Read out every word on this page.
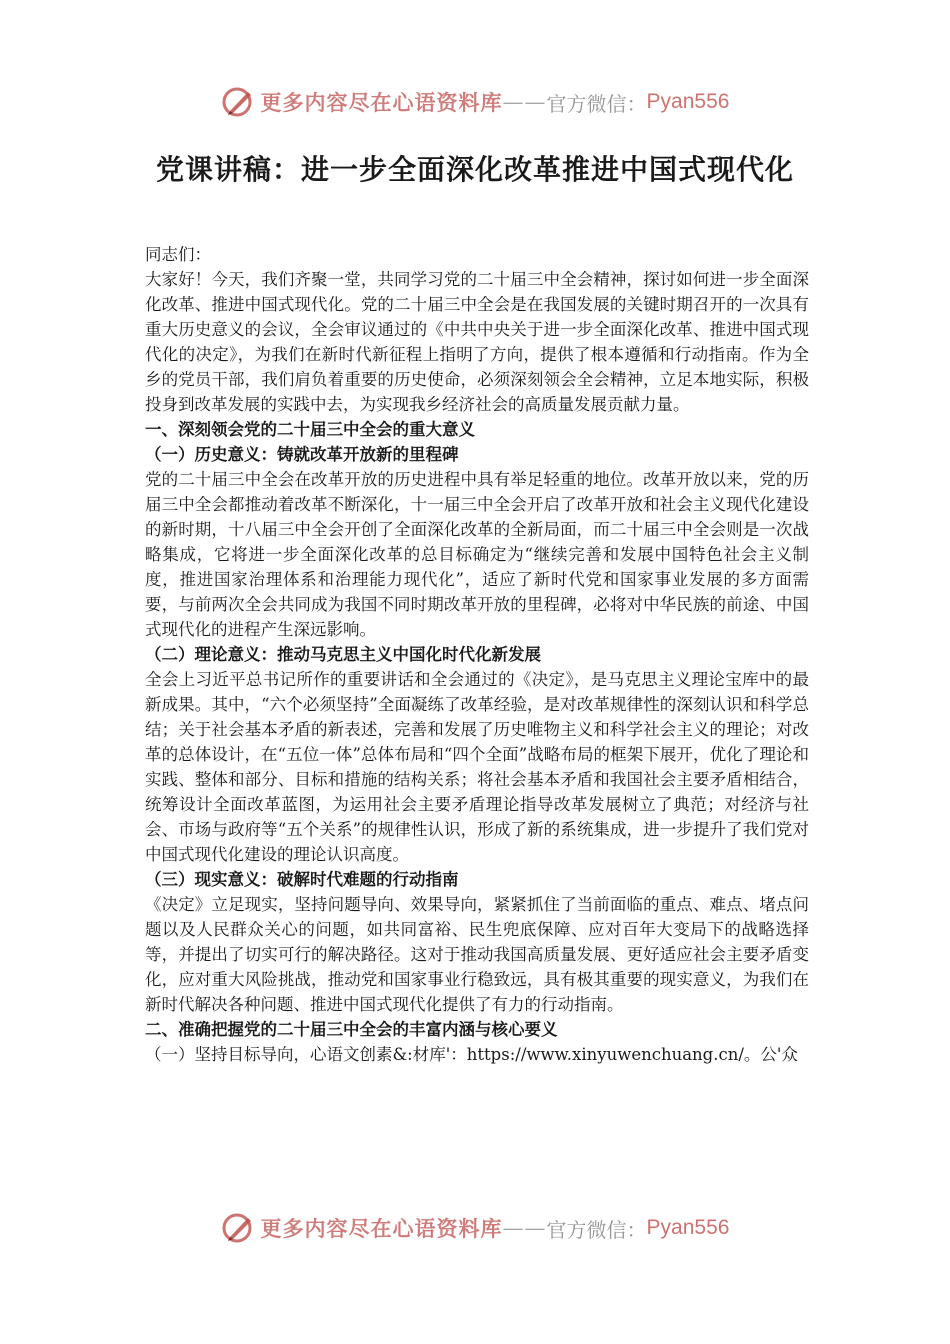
更多内容尽在心语资料库 —— 官方微信： Pyan556
党课讲稿：进一步全面深化改革推进中国式现代化

同志们：

大家好！今天，我们齐聚一堂，共同学习党的二十届三中全会精神，探讨如何进一步全面深化改革、推进中国式现代化。党的二十届三中全会是在我国发展的关键时期召开的一次具有重大历史意义的会议，全会审议通过的《中共中央关于进一步全面深化改革、推进中国式现代化的决定》，为我们在新时代新征程上指明了方向，提供了根本遵循和行动指南。作为全乡的党员干部，我们肩负着重要的历史使命，必须深刻领会全会精神，立足本地实际，积极投身到改革发展的实践中去，为实现我乡经济社会的高质量发展贡献力量。

一、深刻领会党的二十届三中全会的重大意义
（一）历史意义：铸就改革开放新的里程碑

党的二十届三中全会在改革开放的历史进程中具有举足轻重的地位。改革开放以来，党的历届三中全会都推动着改革不断深化，十一届三中全会开启了改革开放和社会主义现代化建设的新时期，十八届三中全会开创了全面深化改革的全新局面，而二十届三中全会则是一次战略集成，它将进一步全面深化改革的总目标确定为“继续完善和发展中国特色社会主义制度，推进国家治理体系和治理能力现代化”，适应了新时代党和国家事业发展的多方面需要，与前两次全会共同成为我国不同时期改革开放的里程碑，必将对中华民族的前途、中国式现代化的进程产生深远影响。

（二）理论意义：推动马克思主义中国化时代化新发展

全会上习近平总书记所作的重要讲话和全会通过的《决定》，是马克思主义理论宝库中的最新成果。其中，“六个必须坚持”全面凝练了改革经验，是对改革规律性的深刻认识和科学总结；关于社会基本矛盾的新表述，完善和发展了历史唯物主义和科学社会主义的理论；对改革的总体设计，在“五位一体”总体布局和“四个全面”战略布局的框架下展开，优化了理论和实践、整体和部分、目标和措施的结构关系；将社会基本矛盾和我国社会主要矛盾相结合，统筹设计全面改革蓝图，为运用社会主要矛盾理论指导改革发展树立了典范；对经济与社会、市场与政府等“五个关系”的规律性认识，形成了新的系统集成，进一步提升了我们党对中国式现代化建设的理论认识高度。

（三）现实意义：破解时代难题的行动指南

《决定》立足现实，坚持问题导向、效果导向，紧紧抓住了当前面临的重点、难点、堵点问题以及人民群众关心的问题，如共同富裕、民生兜底保障、应对百年大变局下的战略选择等，并提出了切实可行的解决路径。这对于推动我国高质量发展、更好适应社会主要矛盾变化，应对重大风险挑战，推动党和国家事业行稳致远，具有极其重要的现实意义，为我们在新时代解决各种问题、推进中国式现代化提供了有力的行动指南。

二、准确把握党的二十届三中全会的丰富内涵与核心要义

（一）坚持目标导向，心语文创素&:材库'：https://www.xinyuwenchuang.cn/。公'众

更多内容尽在心语资料库 —— 官方微信： Pyan556
